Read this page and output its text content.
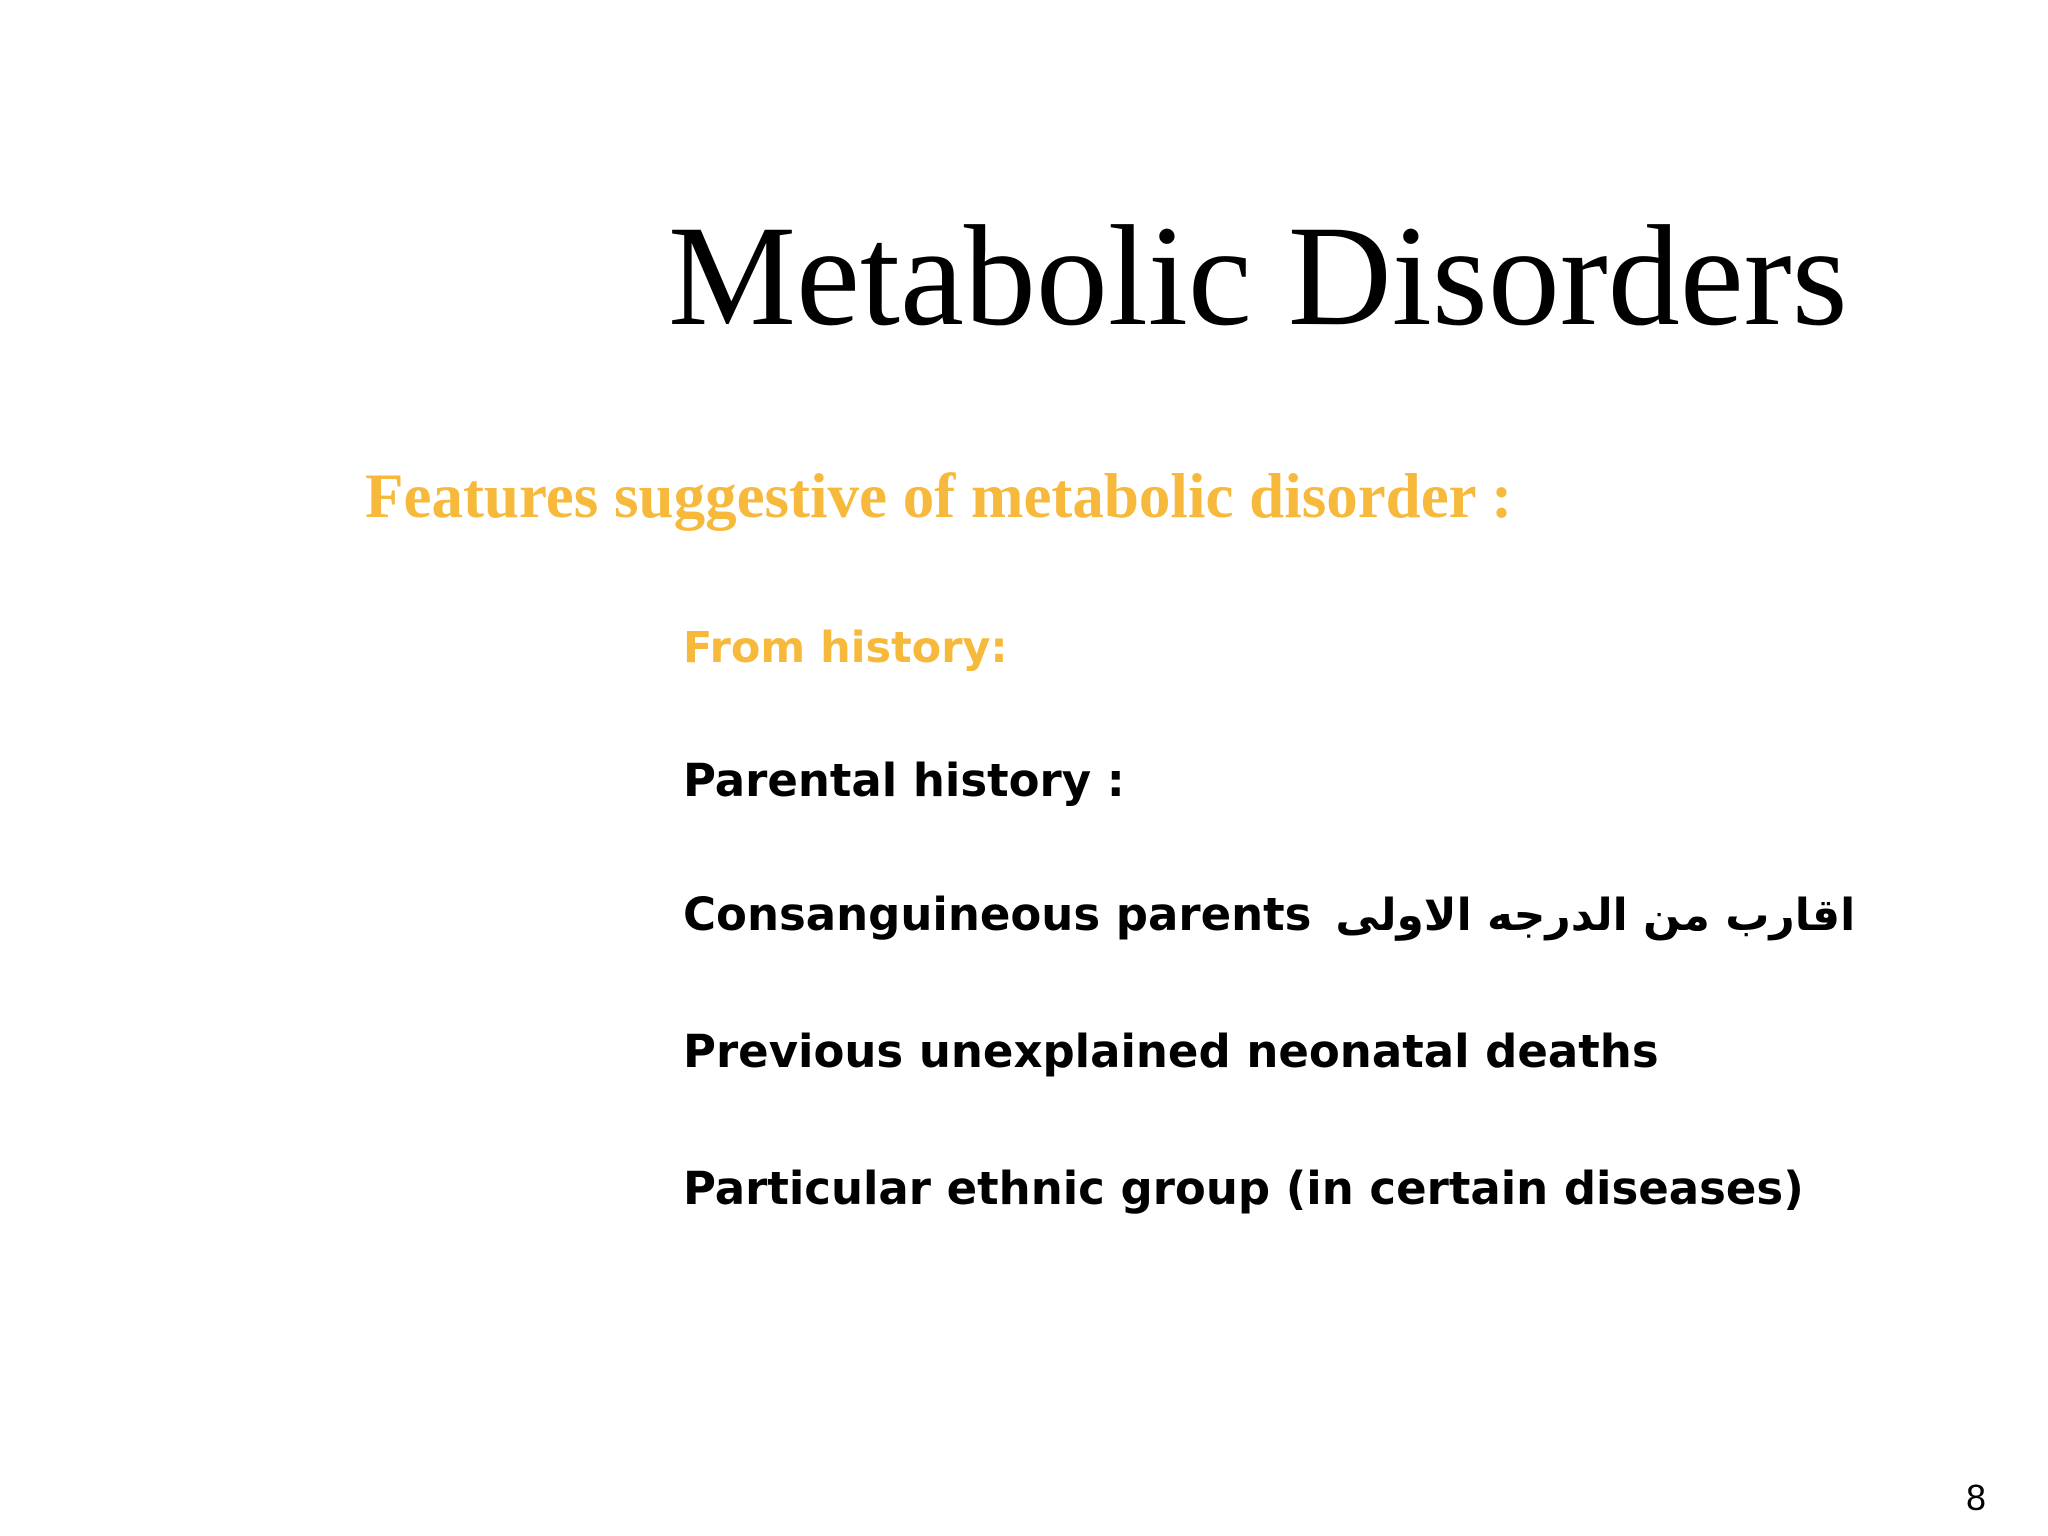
Metabolic Disorders
Features suggestive of metabolic disorder :
From history:
Parental history :
Consanguineous parents اقارب من الدرجه الاولى
Previous unexplained neonatal deaths
Particular ethnic group (in certain diseases)
8
